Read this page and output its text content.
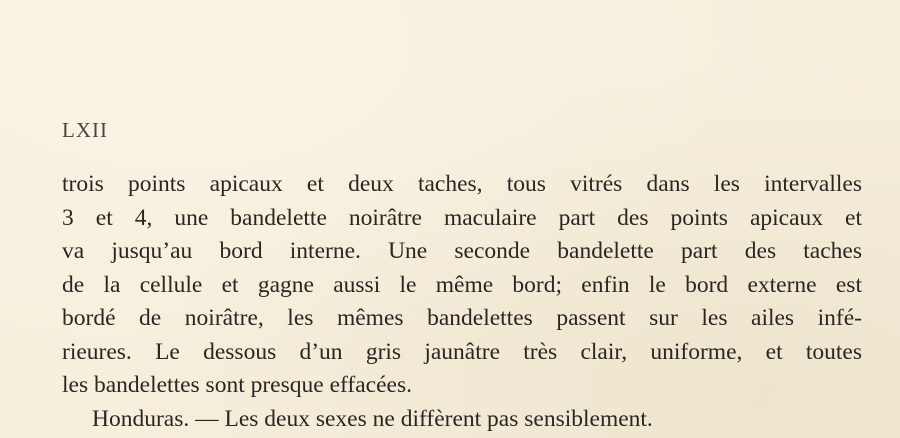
LXII
trois points apicaux et deux taches, tous vitrés dans les intervalles
3 et 4, une bandelette noirâtre maculaire part des points apicaux et
va jusqu’au bord interne. Une seconde bandelette part des taches
de la cellule et gagne aussi le même bord; enfin le bord externe est
bordé de noirâtre, les mêmes bandelettes passent sur les ailes infé-
rieures. Le dessous d’un gris jaunâtre très clair, uniforme, et toutes
les bandelettes sont presque effacées.
Honduras. — Les deux sexes ne diffèrent pas sensiblement.
